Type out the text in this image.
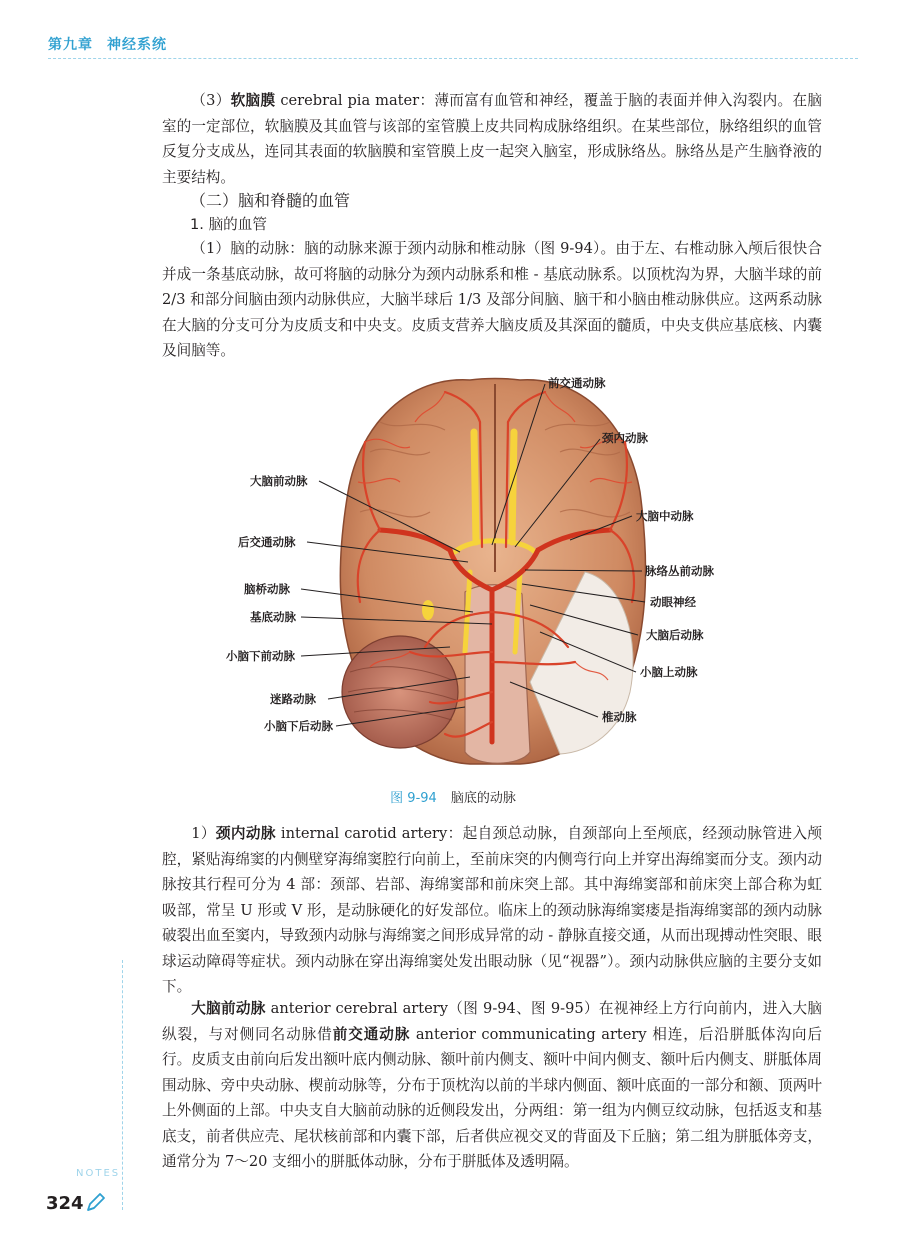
第九章 神经系统

（3）软脑膜 cerebral pia mater：薄而富有血管和神经，覆盖于脑的表面并伸入沟裂内。在脑室的一定部位，软脑膜及其血管与该部的室管膜上皮共同构成脉络组织。在某些部位，脉络组织的血管反复分支成丛，连同其表面的软脑膜和室管膜上皮一起突入脑室，形成脉络丛。脉络丛是产生脑脊液的主要结构。

（二）脑和脊髓的血管
1. 脑的血管

（1）脑的动脉：脑的动脉来源于颈内动脉和椎动脉（图 9-94）。由于左、右椎动脉入颅后很快合并成一条基底动脉，故可将脑的动脉分为颈内动脉系和椎 - 基底动脉系。以顶枕沟为界，大脑半球的前 2/3 和部分间脑由颈内动脉供应，大脑半球后 1/3 及部分间脑、脑干和小脑由椎动脉供应。这两系动脉在大脑的分支可分为皮质支和中央支。皮质支营养大脑皮质及其深面的髓质，中央支供应基底核、内囊及间脑等。

前交通动脉
颈内动脉
大脑前动脉
大脑中动脉
后交通动脉
脉络丛前动脉
脑桥动脉
动眼神经
基底动脉
大脑后动脉
小脑下前动脉
小脑上动脉
迷路动脉
椎动脉
小脑下后动脉
图 9-94 脑底的动脉

1）颈内动脉 internal carotid artery：起自颈总动脉，自颈部向上至颅底，经颈动脉管进入颅腔，紧贴海绵窦的内侧壁穿海绵窦腔行向前上，至前床突的内侧弯行向上并穿出海绵窦而分支。颈内动脉按其行程可分为 4 部：颈部、岩部、海绵窦部和前床突上部。其中海绵窦部和前床突上部合称为虹吸部，常呈 U 形或 V 形，是动脉硬化的好发部位。临床上的颈动脉海绵窦瘘是指海绵窦部的颈内动脉破裂出血至窦内，导致颈内动脉与海绵窦之间形成异常的动 - 静脉直接交通，从而出现搏动性突眼、眼球运动障碍等症状。颈内动脉在穿出海绵窦处发出眼动脉（见“视器”）。颈内动脉供应脑的主要分支如下。

大脑前动脉 anterior cerebral artery（图 9-94、图 9-95）在视神经上方行向前内，进入大脑纵裂，与对侧同名动脉借前交通动脉 anterior communicating artery 相连，后沿胼胝体沟向后行。皮质支由前向后发出额叶底内侧动脉、额叶前内侧支、额叶中间内侧支、额叶后内侧支、胼胝体周围动脉、旁中央动脉、楔前动脉等，分布于顶枕沟以前的半球内侧面、额叶底面的一部分和额、顶两叶上外侧面的上部。中央支自大脑前动脉的近侧段发出，分两组：第一组为内侧豆纹动脉，包括返支和基底支，前者供应壳、尾状核前部和内囊下部，后者供应视交叉的背面及下丘脑；第二组为胼胝体旁支，通常分为 7～20 支细小的胼胝体动脉，分布于胼胝体及透明隔。

NOTES
324
